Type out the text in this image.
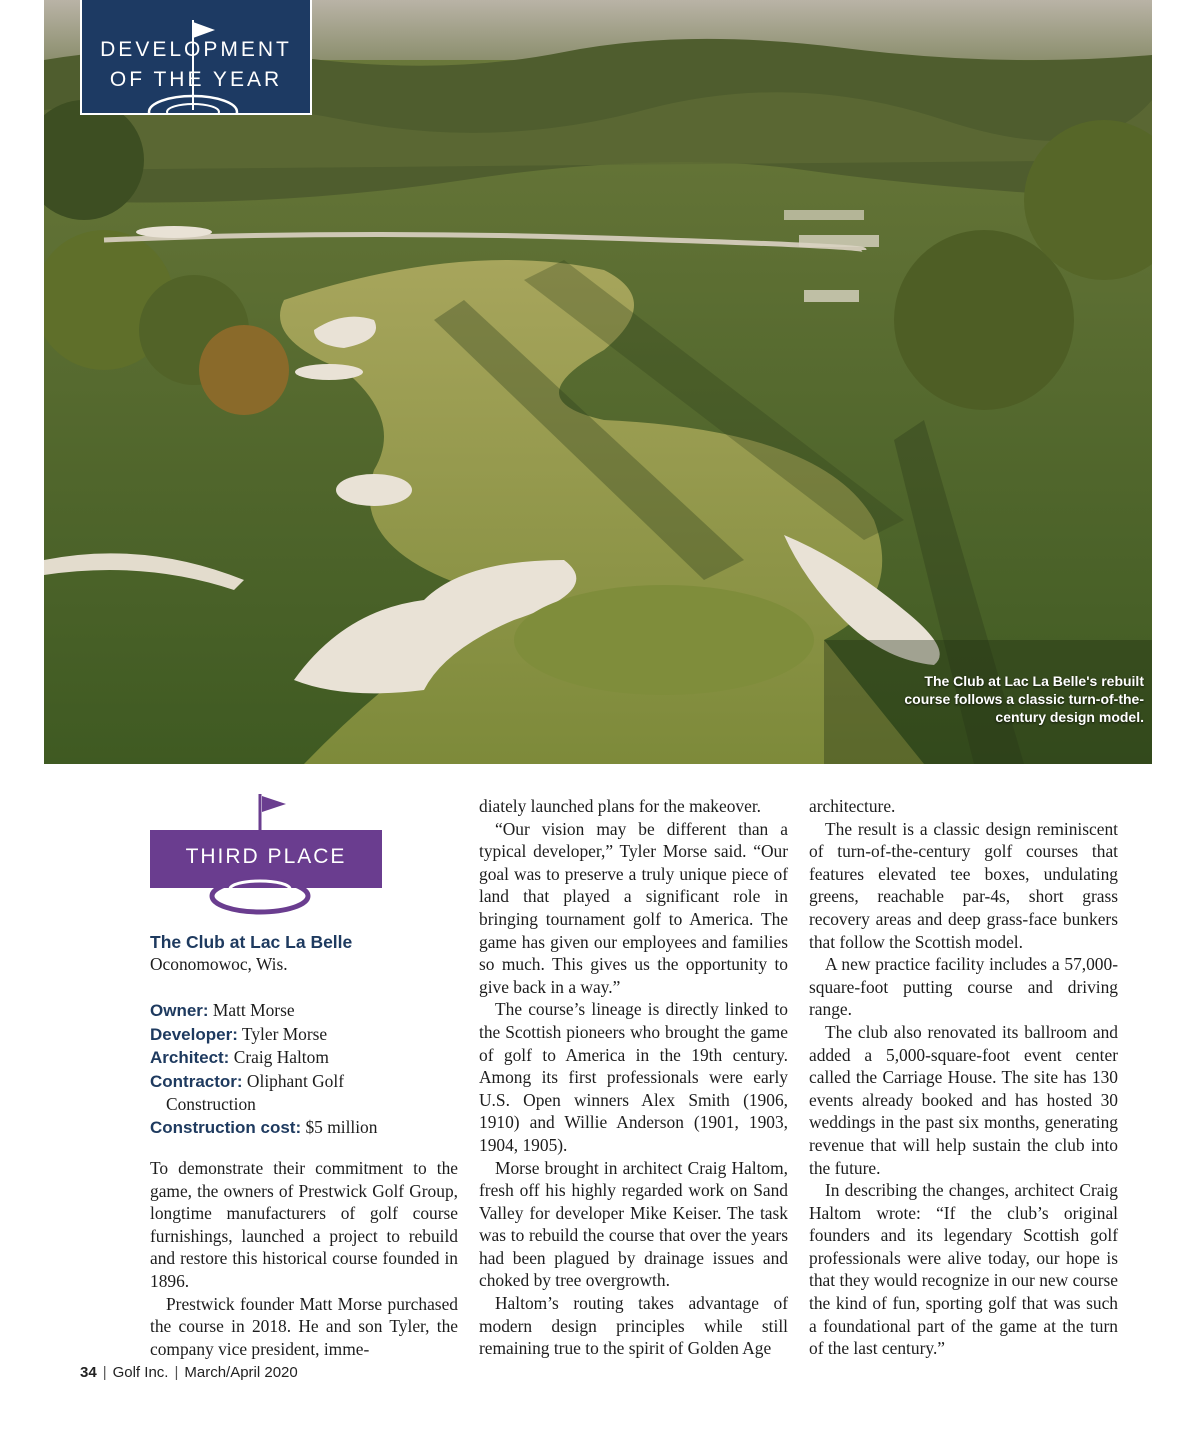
DEVELOPMENT
OF THE YEAR
The Club at Lac La Belle's rebuilt course follows a classic turn-of-the-century design model.
THIRD PLACE
The Club at Lac La Belle
Oconomowoc, Wis.

Owner: Matt Morse

Developer: Tyler Morse

Architect: Craig Haltom

Contractor: Oliphant Golf
Construction

Construction cost: $5 million

To demonstrate their commitment to the game, the owners of Prestwick Golf Group, longtime manufacturers of golf course furnishings, launched a project to rebuild and restore this historical course founded in 1896.

Prestwick founder Matt Morse purchased the course in 2018. He and son Tyler, the company vice president, imme-

diately launched plans for the makeover.

“Our vision may be different than a typical developer,” Tyler Morse said. “Our goal was to preserve a truly unique piece of land that played a significant role in bringing tournament golf to America. The game has given our employees and families so much. This gives us the opportunity to give back in a way.”

The course’s lineage is directly linked to the Scottish pioneers who brought the game of golf to America in the 19th century. Among its first professionals were early U.S. Open winners Alex Smith (1906, 1910) and Willie Anderson (1901, 1903, 1904, 1905).

Morse brought in architect Craig Haltom, fresh off his highly regarded work on Sand Valley for developer Mike Keiser. The task was to rebuild the course that over the years had been plagued by drainage issues and choked by tree overgrowth.

Haltom’s routing takes advantage of modern design principles while still remaining true to the spirit of Golden Age

architecture.

The result is a classic design reminiscent of turn-of-the-century golf courses that features elevated tee boxes, undulating greens, reachable par-4s, short grass recovery areas and deep grass-face bunkers that follow the Scottish model.

A new practice facility includes a 57,000-square-foot putting course and driving range.

The club also renovated its ballroom and added a 5,000-square-foot event center called the Carriage House. The site has 130 events already booked and has hosted 30 weddings in the past six months, generating revenue that will help sustain the club into the future.

In describing the changes, architect Craig Haltom wrote: “If the club’s original founders and its legendary Scottish golf professionals were alive today, our hope is that they would recognize in our new course the kind of fun, sporting golf that was such a foundational part of the game at the turn of the last century.”

34 | Golf Inc. | March/April 2020
